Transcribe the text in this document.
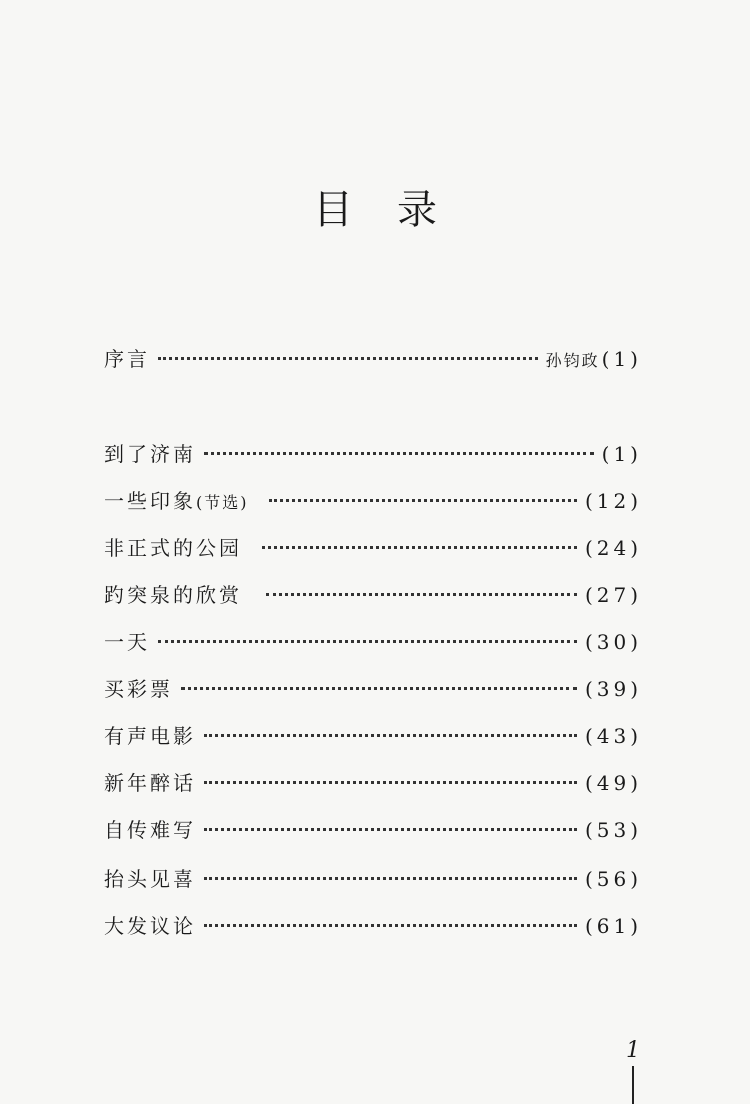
目录
序言	孙钧政 (1)
到了济南	(1)
一些印象(节选)	(12)
非正式的公园	(24)
趵突泉的欣赏	(27)
一天	(30)
买彩票	(39)
有声电影	(43)
新年醉话	(49)
自传难写	(53)
抬头见喜	(56)
大发议论	(61)
1
